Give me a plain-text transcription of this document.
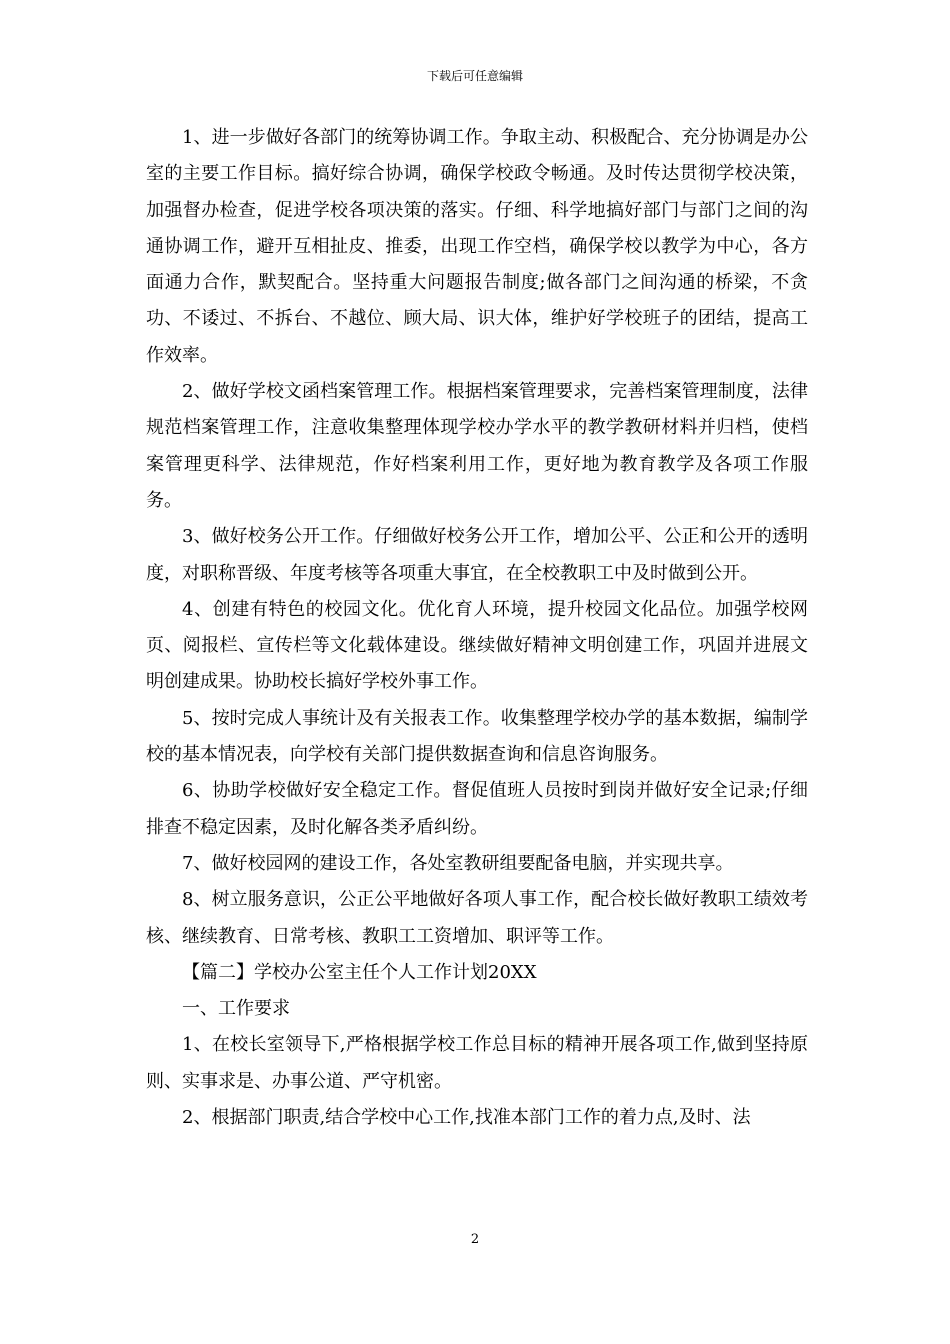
下载后可任意编辑

1、进一步做好各部门的统筹协调工作。争取主动、积极配合、充分协调是办公室的主要工作目标。搞好综合协调，确保学校政令畅通。及时传达贯彻学校决策，加强督办检查，促进学校各项决策的落实。仔细、科学地搞好部门与部门之间的沟通协调工作，避开互相扯皮、推委，出现工作空档，确保学校以教学为中心，各方面通力合作，默契配合。坚持重大问题报告制度;做各部门之间沟通的桥梁，不贪功、不诿过、不拆台、不越位、顾大局、识大体，维护好学校班子的团结，提高工作效率。

2、做好学校文函档案管理工作。根据档案管理要求，完善档案管理制度，法律规范档案管理工作，注意收集整理体现学校办学水平的教学教研材料并归档，使档案管理更科学、法律规范，作好档案利用工作，更好地为教育教学及各项工作服务。

3、做好校务公开工作。仔细做好校务公开工作，增加公平、公正和公开的透明度，对职称晋级、年度考核等各项重大事宜，在全校教职工中及时做到公开。

4、创建有特色的校园文化。优化育人环境，提升校园文化品位。加强学校网页、阅报栏、宣传栏等文化载体建设。继续做好精神文明创建工作，巩固并进展文明创建成果。协助校长搞好学校外事工作。

5、按时完成人事统计及有关报表工作。收集整理学校办学的基本数据，编制学校的基本情况表，向学校有关部门提供数据查询和信息咨询服务。

6、协助学校做好安全稳定工作。督促值班人员按时到岗并做好安全记录;仔细排查不稳定因素，及时化解各类矛盾纠纷。

7、做好校园网的建设工作，各处室教研组要配备电脑，并实现共享。

8、树立服务意识，公正公平地做好各项人事工作，配合校长做好教职工绩效考核、继续教育、日常考核、教职工工资增加、职评等工作。

【篇二】学校办公室主任个人工作计划20XX

一、工作要求

1、在校长室领导下,严格根据学校工作总目标的精神开展各项工作,做到坚持原则、实事求是、办事公道、严守机密。

2、根据部门职责,结合学校中心工作,找准本部门工作的着力点,及时、法

2
